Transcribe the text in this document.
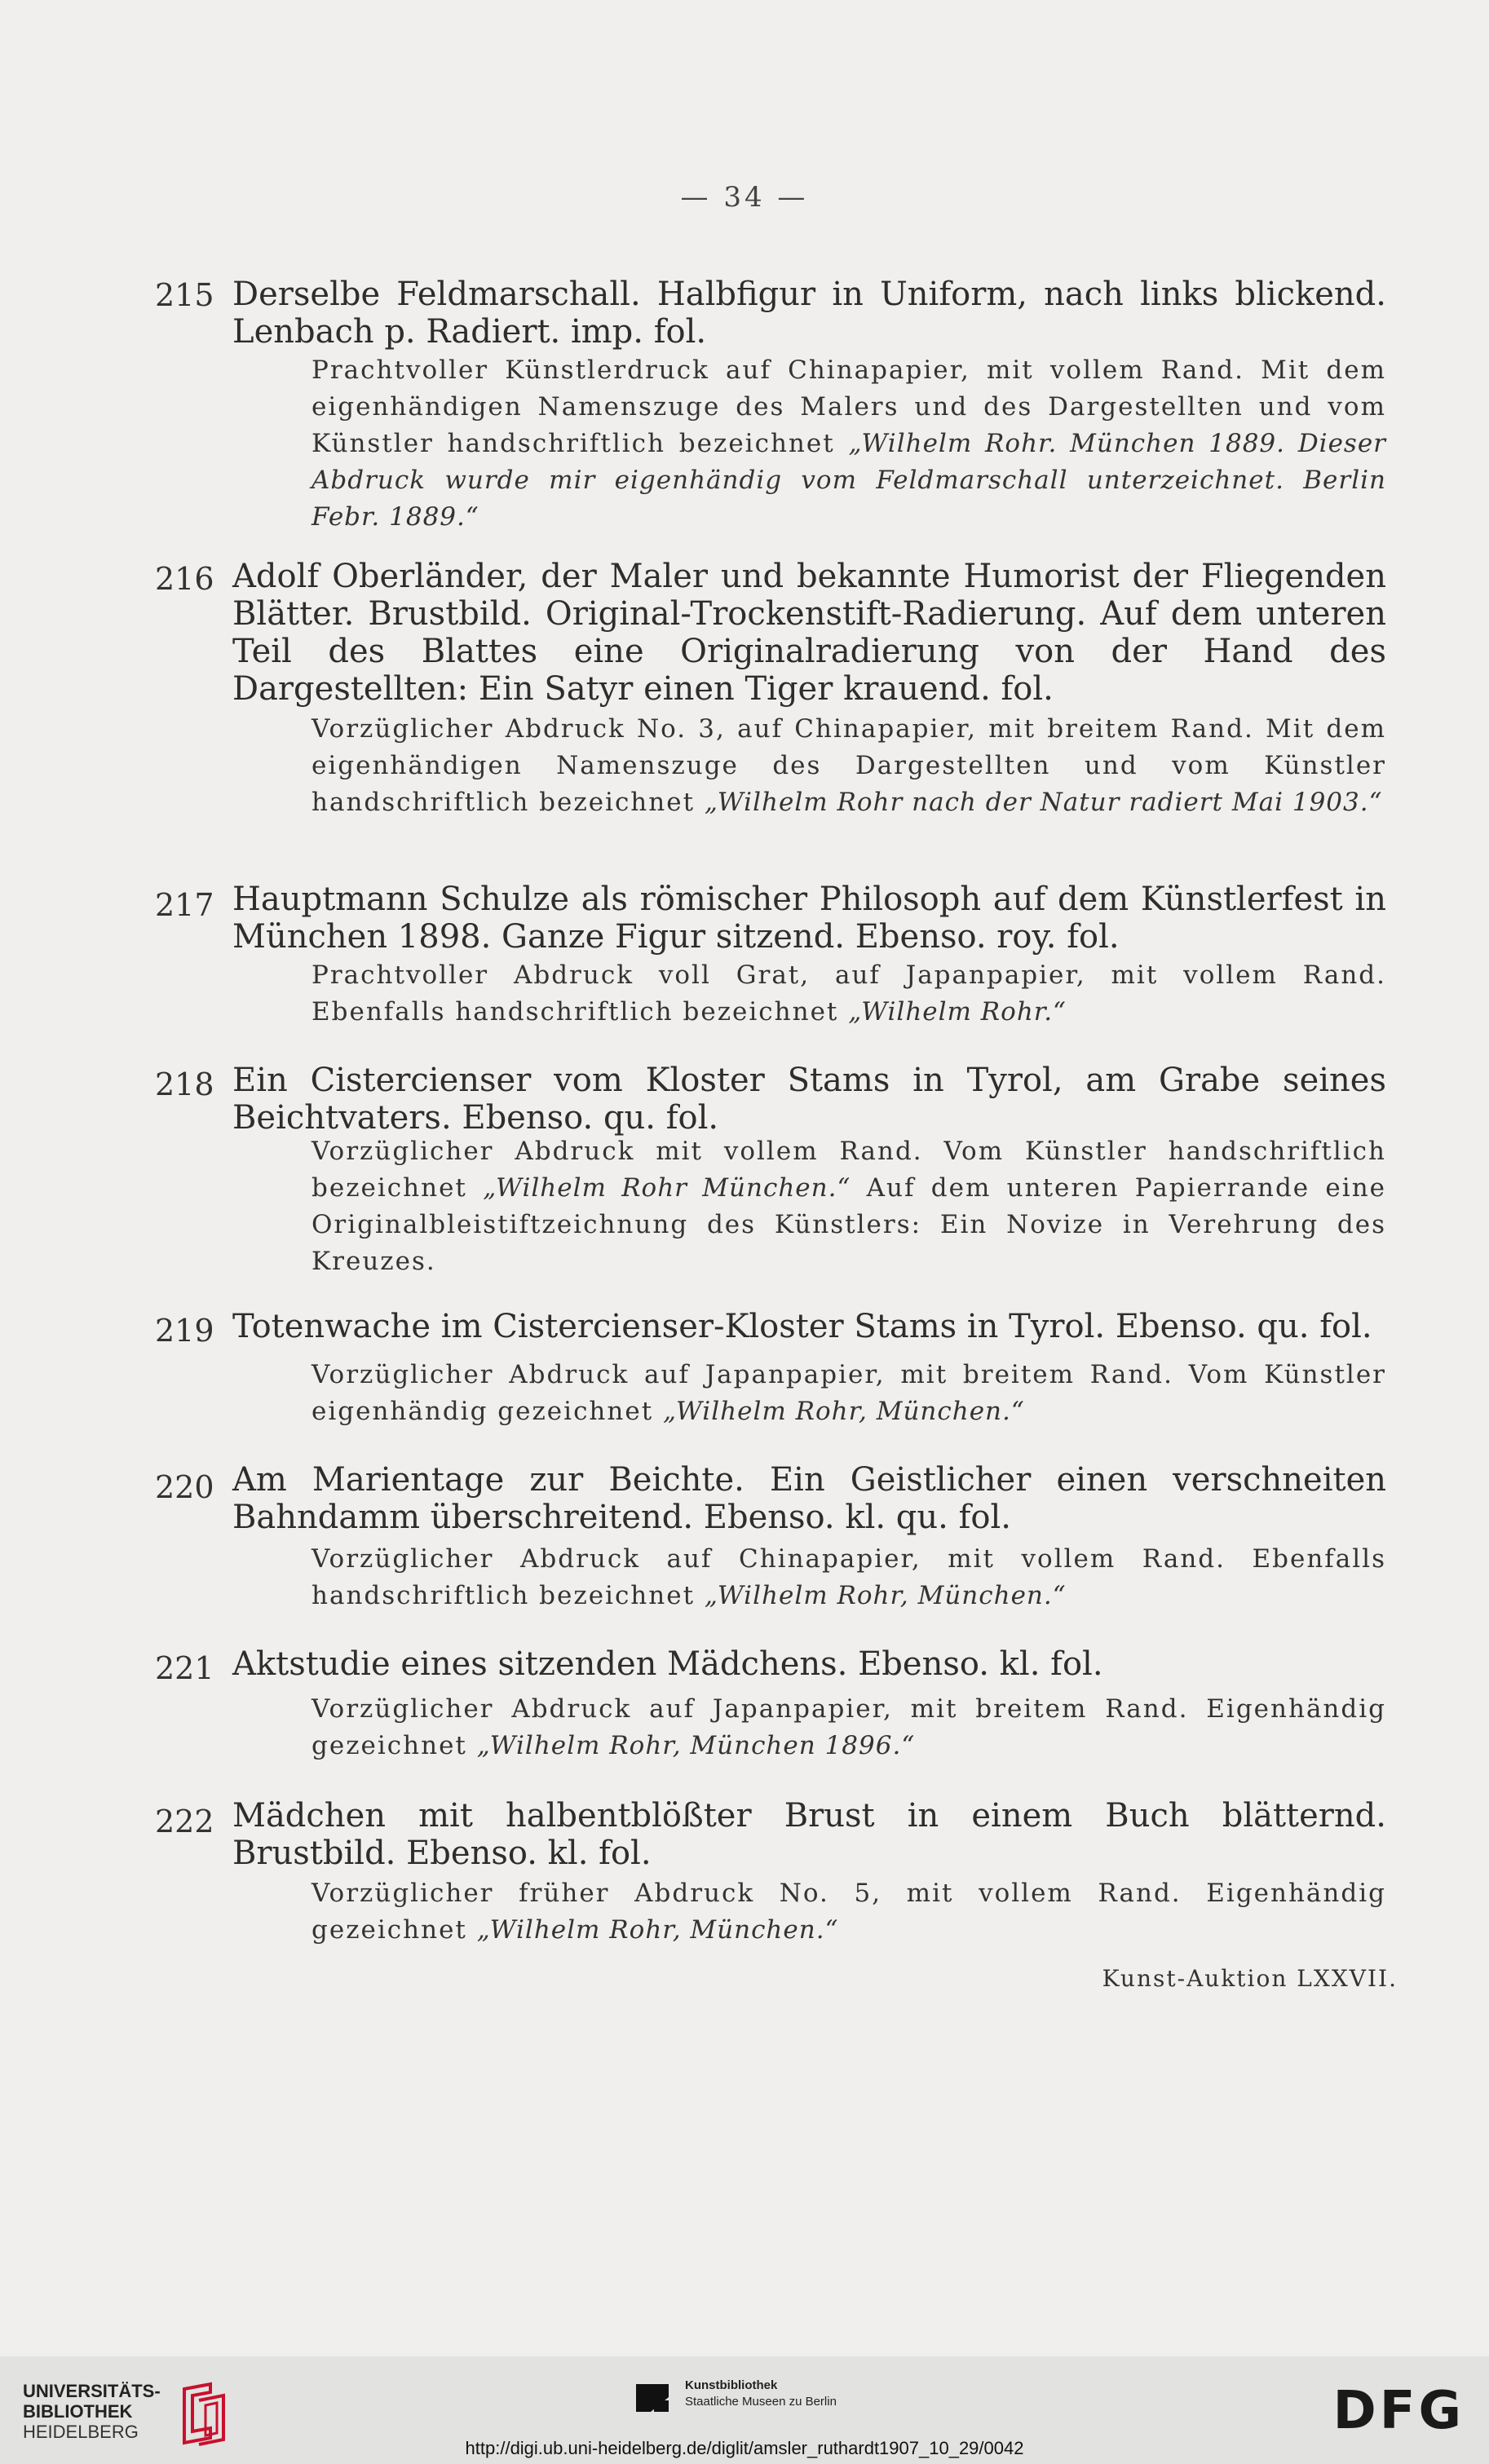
— 34 —
215 Derselbe Feldmarschall. Halbfigur in Uniform, nach links blickend. Lenbach p. Radiert. imp. fol.
Prachtvoller Künstlerdruck auf Chinapapier, mit vollem Rand. Mit dem eigenhändigen Namenszuge des Malers und des Dargestellten und vom Künstler handschriftlich bezeichnet „Wilhelm Rohr. München 1889. Dieser Abdruck wurde mir eigenhändig vom Feldmarschall unterzeichnet. Berlin Febr. 1889.“
216 Adolf Oberländer, der Maler und bekannte Humorist der Fliegenden Blätter. Brustbild. Original-Trockenstift-Radierung. Auf dem unteren Teil des Blattes eine Originalradierung von der Hand des Dargestellten: Ein Satyr einen Tiger krauend. fol.
Vorzüglicher Abdruck No. 3, auf Chinapapier, mit breitem Rand. Mit dem eigenhändigen Namenszuge des Dargestellten und vom Künstler handschriftlich bezeichnet „Wilhelm Rohr nach der Natur radiert Mai 1903.“
217 Hauptmann Schulze als römischer Philosoph auf dem Künstlerfest in München 1898. Ganze Figur sitzend. Ebenso. roy. fol.
Prachtvoller Abdruck voll Grat, auf Japanpapier, mit vollem Rand. Ebenfalls handschriftlich bezeichnet „Wilhelm Rohr.“
218 Ein Cistercienser vom Kloster Stams in Tyrol, am Grabe seines Beichtvaters. Ebenso. qu. fol.
Vorzüglicher Abdruck mit vollem Rand. Vom Künstler handschriftlich bezeichnet „Wilhelm Rohr München.“ Auf dem unteren Papierrande eine Originalbleistiftzeichnung des Künstlers: Ein Novize in Verehrung des Kreuzes.
219 Totenwache im Cistercienser-Kloster Stams in Tyrol. Ebenso. qu. fol.
Vorzüglicher Abdruck auf Japanpapier, mit breitem Rand. Vom Künstler eigenhändig gezeichnet „Wilhelm Rohr, München.“
220 Am Marientage zur Beichte. Ein Geistlicher einen verschneiten Bahndamm überschreitend. Ebenso. kl. qu. fol.
Vorzüglicher Abdruck auf Chinapapier, mit vollem Rand. Ebenfalls handschriftlich bezeichnet „Wilhelm Rohr, München.“
221 Aktstudie eines sitzenden Mädchens. Ebenso. kl. fol.
Vorzüglicher Abdruck auf Japanpapier, mit breitem Rand. Eigenhändig gezeichnet „Wilhelm Rohr, München 1896.“
222 Mädchen mit halbentblößter Brust in einem Buch blätternd. Brustbild. Ebenso. kl. fol.
Vorzüglicher früher Abdruck No. 5, mit vollem Rand. Eigenhändig gezeichnet „Wilhelm Rohr, München.“
Kunst-Auktion LXXVII.
UNIVERSITÄTS-
BIBLIOTHEK
HEIDELBERG
Kunstbibliothek
Staatliche Museen zu Berlin	DFG
http://digi.ub.uni-heidelberg.de/diglit/amsler_ruthardt1907_10_29/0042
